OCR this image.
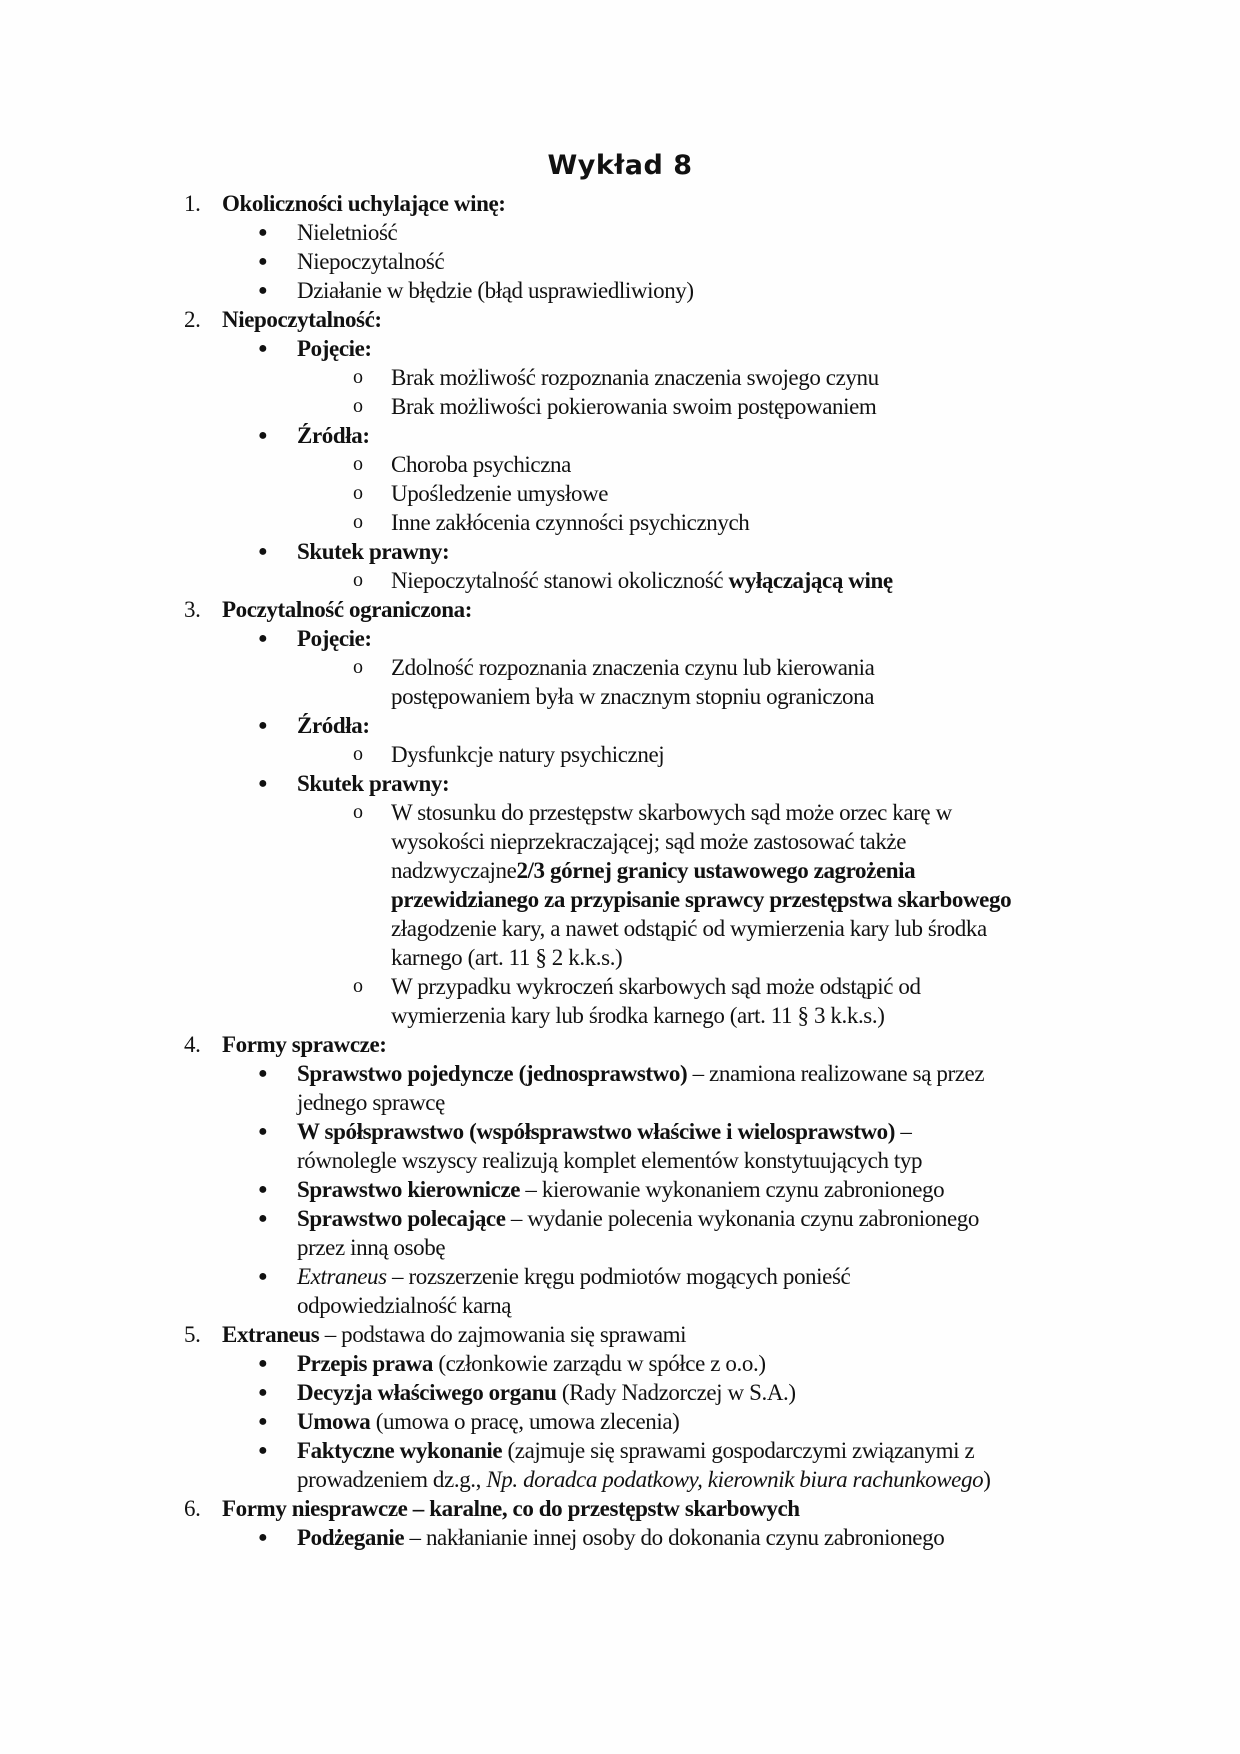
Wykład 8
1. Okoliczności uchylające winę:
● Nieletniość
● Niepoczytalność
● Działanie w błędzie (błąd usprawiedliwiony)
2. Niepoczytalność:
● Pojęcie:
o Brak możliwość rozpoznania znaczenia swojego czynu
o Brak możliwości pokierowania swoim postępowaniem
● Źródła:
o Choroba psychiczna
o Upośledzenie umysłowe
o Inne zakłócenia czynności psychicznych
● Skutek prawny:
o Niepoczytalność stanowi okoliczność wyłączającą winę
3. Poczytalność ograniczona:
● Pojęcie:
o Zdolność rozpoznania znaczenia czynu lub kierowania
postępowaniem była w znacznym stopniu ograniczona
● Źródła:
o Dysfunkcje natury psychicznej
● Skutek prawny:
o W stosunku do przestępstw skarbowych sąd może orzec karę w
wysokości nieprzekraczającej; sąd może zastosować także
nadzwyczajne2/3 górnej granicy ustawowego zagrożenia
przewidzianego za przypisanie sprawcy przestępstwa skarbowego
złagodzenie kary, a nawet odstąpić od wymierzenia kary lub środka
karnego (art. 11 § 2 k.k.s.)
o W przypadku wykroczeń skarbowych sąd może odstąpić od
wymierzenia kary lub środka karnego (art. 11 § 3 k.k.s.)
4. Formy sprawcze:
● Sprawstwo pojedyncze (jednosprawstwo) – znamiona realizowane są przez
jednego sprawcę
● W spółsprawstwo (współsprawstwo właściwe i wielosprawstwo) –
równolegle wszyscy realizują komplet elementów konstytuujących typ
● Sprawstwo kierownicze – kierowanie wykonaniem czynu zabronionego
● Sprawstwo polecające – wydanie polecenia wykonania czynu zabronionego
przez inną osobę
● Extraneus – rozszerzenie kręgu podmiotów mogących ponieść
odpowiedzialność karną
5. Extraneus – podstawa do zajmowania się sprawami
● Przepis prawa (członkowie zarządu w spółce z o.o.)
● Decyzja właściwego organu (Rady Nadzorczej w S.A.)
● Umowa (umowa o pracę, umowa zlecenia)
● Faktyczne wykonanie (zajmuje się sprawami gospodarczymi związanymi z
prowadzeniem dz.g., Np. doradca podatkowy, kierownik biura rachunkowego)
6. Formy niesprawcze – karalne, co do przestępstw skarbowych
● Podżeganie – nakłanianie innej osoby do dokonania czynu zabronionego
